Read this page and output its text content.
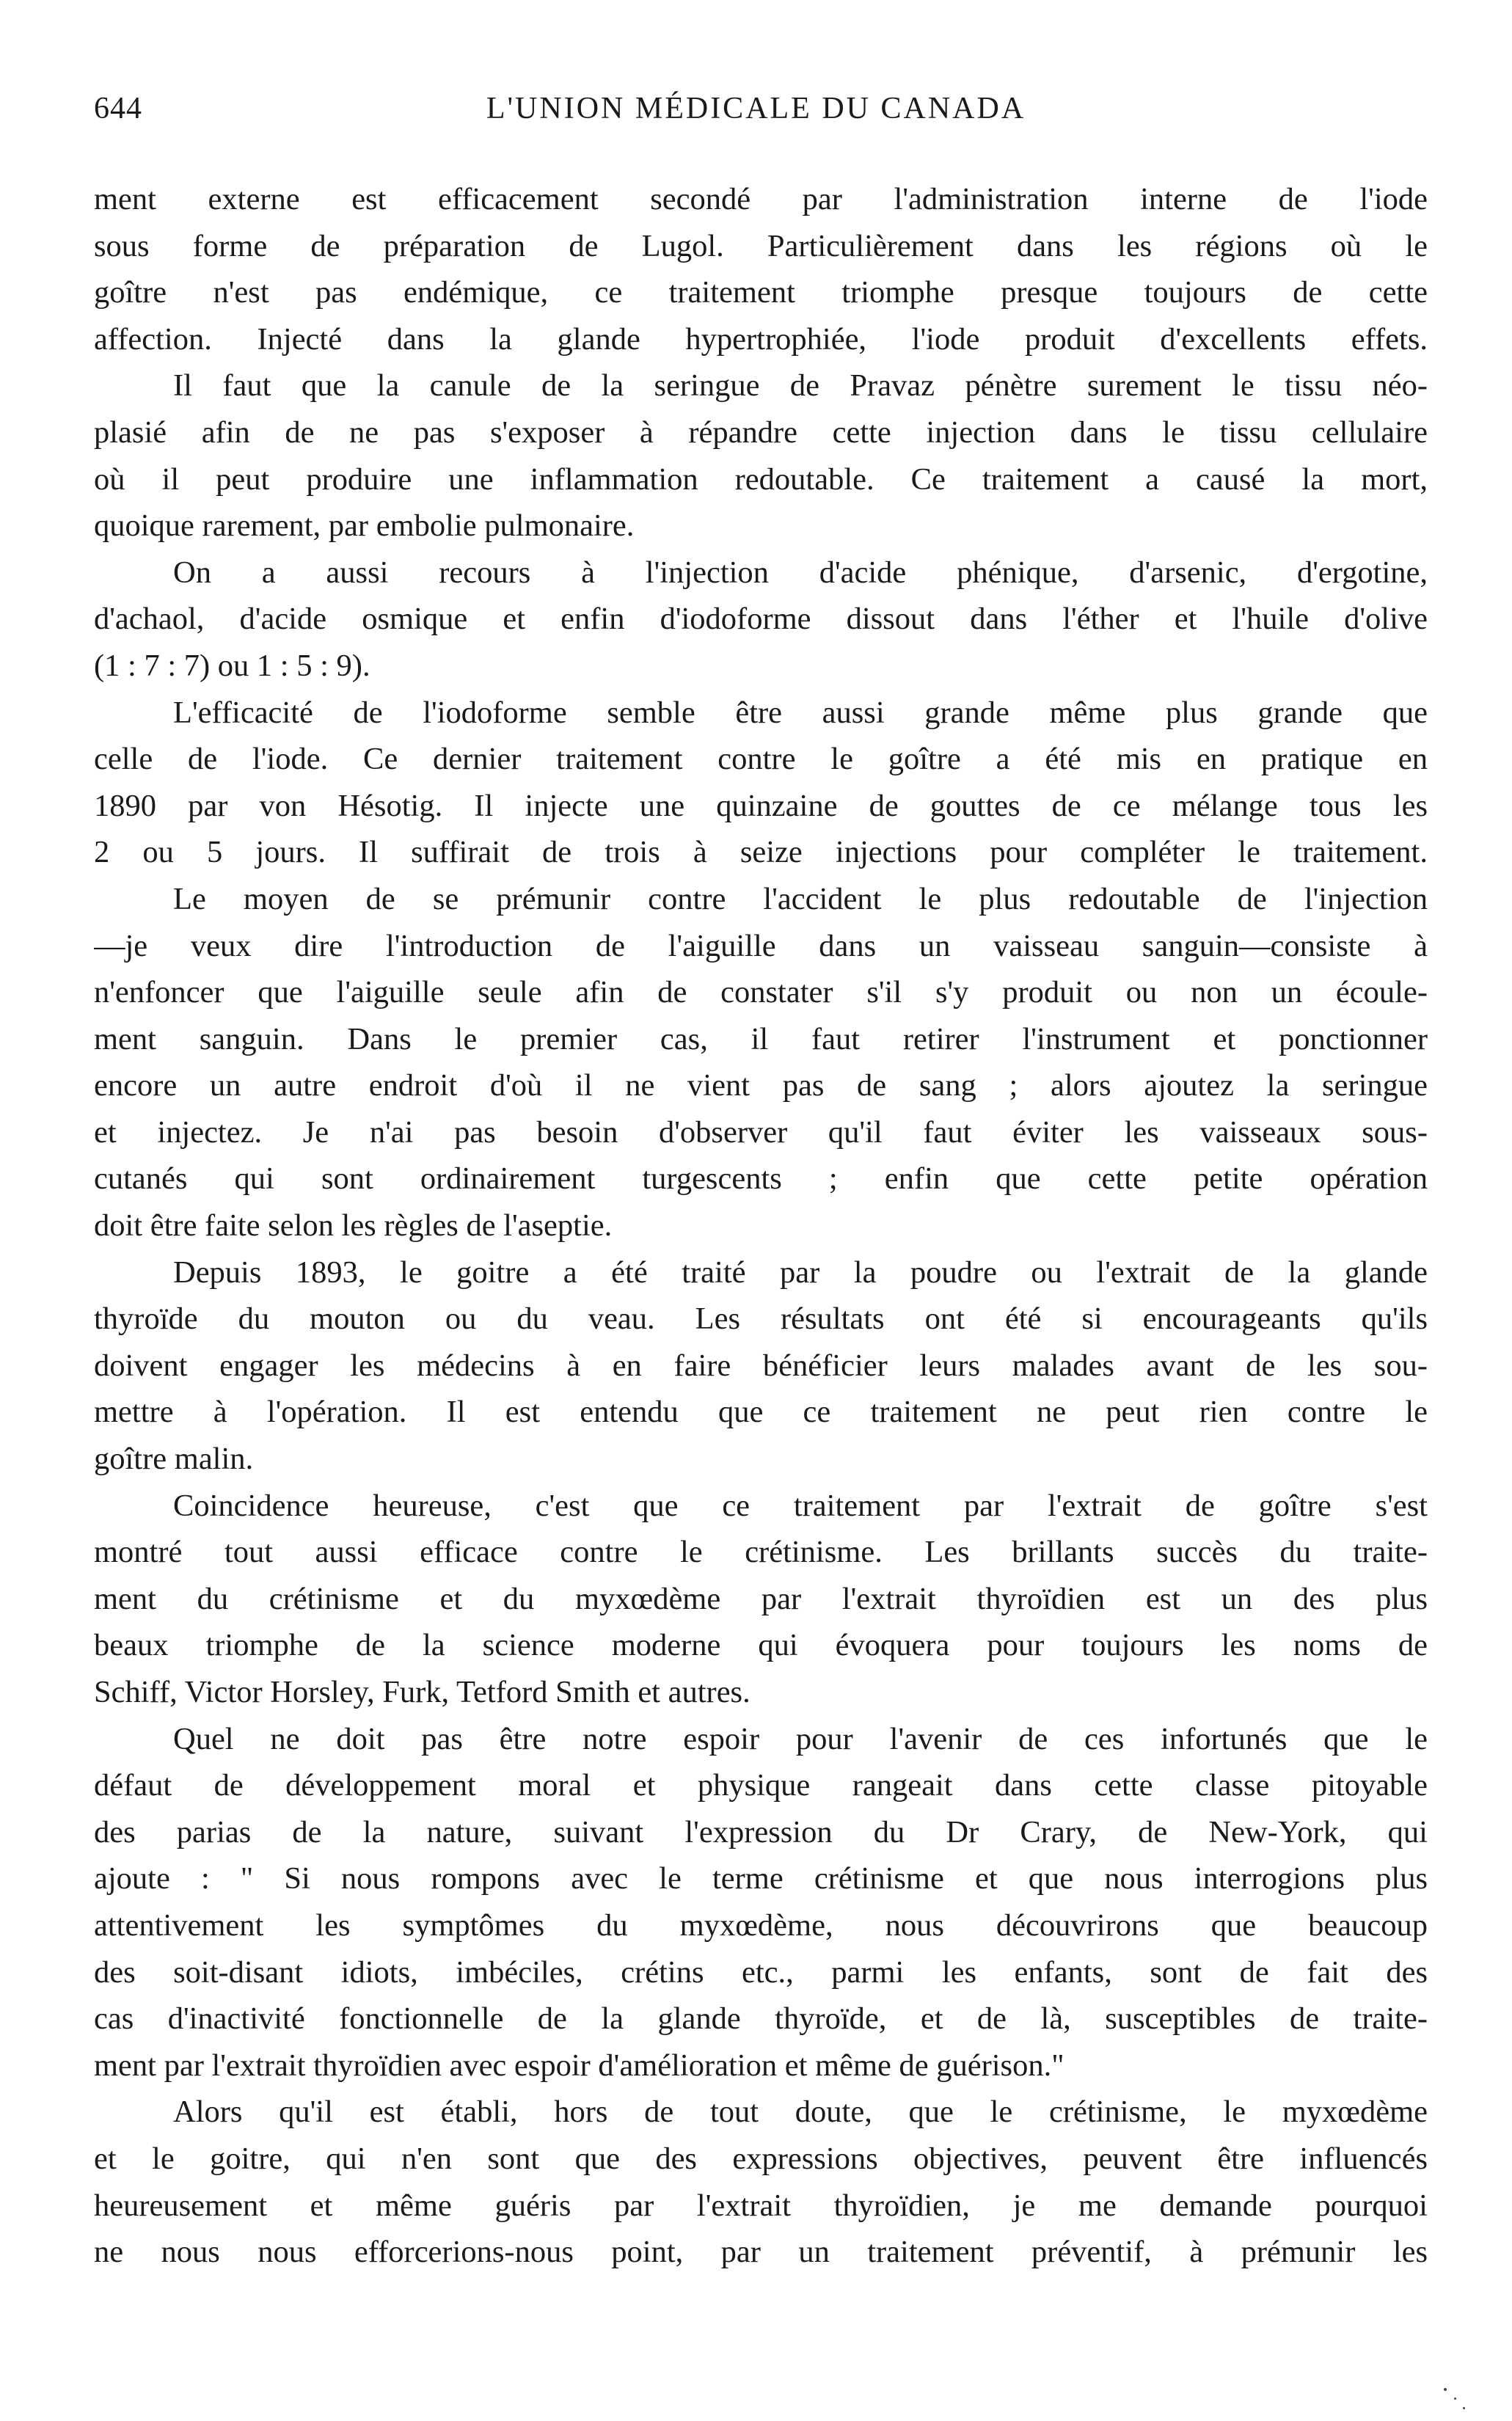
644	L'UNION MÉDICALE DU CANADA
ment externe est efficacement secondé par l'administration interne de l'iode
sous forme de préparation de Lugol. Particulièrement dans les régions où le
goître n'est pas endémique, ce traitement triomphe presque toujours de cette
affection. Injecté dans la glande hypertrophiée, l'iode produit d'excellents effets.
Il faut que la canule de la seringue de Pravaz pénètre surement le tissu néo-
plasié afin de ne pas s'exposer à répandre cette injection dans le tissu cellulaire
où il peut produire une inflammation redoutable. Ce traitement a causé la mort,
quoique rarement, par embolie pulmonaire.
On a aussi recours à l'injection d'acide phénique, d'arsenic, d'ergotine,
d'achaol, d'acide osmique et enfin d'iodoforme dissout dans l'éther et l'huile d'olive
(1 : 7 : 7) ou 1 : 5 : 9).
L'efficacité de l'iodoforme semble être aussi grande même plus grande que
celle de l'iode. Ce dernier traitement contre le goître a été mis en pratique en
1890 par von Hésotig. Il injecte une quinzaine de gouttes de ce mélange tous les
2 ou 5 jours. Il suffirait de trois à seize injections pour compléter le traitement.
Le moyen de se prémunir contre l'accident le plus redoutable de l'injection
—je veux dire l'introduction de l'aiguille dans un vaisseau sanguin—consiste à
n'enfoncer que l'aiguille seule afin de constater s'il s'y produit ou non un écoule-
ment sanguin. Dans le premier cas, il faut retirer l'instrument et ponctionner
encore un autre endroit d'où il ne vient pas de sang ; alors ajoutez la seringue
et injectez. Je n'ai pas besoin d'observer qu'il faut éviter les vaisseaux sous-
cutanés qui sont ordinairement turgescents ; enfin que cette petite opération
doit être faite selon les règles de l'aseptie.
Depuis 1893, le goitre a été traité par la poudre ou l'extrait de la glande
thyroïde du mouton ou du veau. Les résultats ont été si encourageants qu'ils
doivent engager les médecins à en faire bénéficier leurs malades avant de les sou-
mettre à l'opération. Il est entendu que ce traitement ne peut rien contre le
goître malin.
Coincidence heureuse, c'est que ce traitement par l'extrait de goître s'est
montré tout aussi efficace contre le crétinisme. Les brillants succès du traite-
ment du crétinisme et du myxœdème par l'extrait thyroïdien est un des plus
beaux triomphe de la science moderne qui évoquera pour toujours les noms de
Schiff, Victor Horsley, Furk, Tetford Smith et autres.
Quel ne doit pas être notre espoir pour l'avenir de ces infortunés que le
défaut de développement moral et physique rangeait dans cette classe pitoyable
des parias de la nature, suivant l'expression du Dr Crary, de New-York, qui
ajoute : " Si nous rompons avec le terme crétinisme et que nous interrogions plus
attentivement les symptômes du myxœdème, nous découvrirons que beaucoup
des soit-disant idiots, imbéciles, crétins etc., parmi les enfants, sont de fait des
cas d'inactivité fonctionnelle de la glande thyroïde, et de là, susceptibles de traite-
ment par l'extrait thyroïdien avec espoir d'amélioration et même de guérison."
Alors qu'il est établi, hors de tout doute, que le crétinisme, le myxœdème
et le goitre, qui n'en sont que des expressions objectives, peuvent être influencés
heureusement et même guéris par l'extrait thyroïdien, je me demande pourquoi
ne nous nous efforcerions-nous point, par un traitement préventif, à prémunir les
